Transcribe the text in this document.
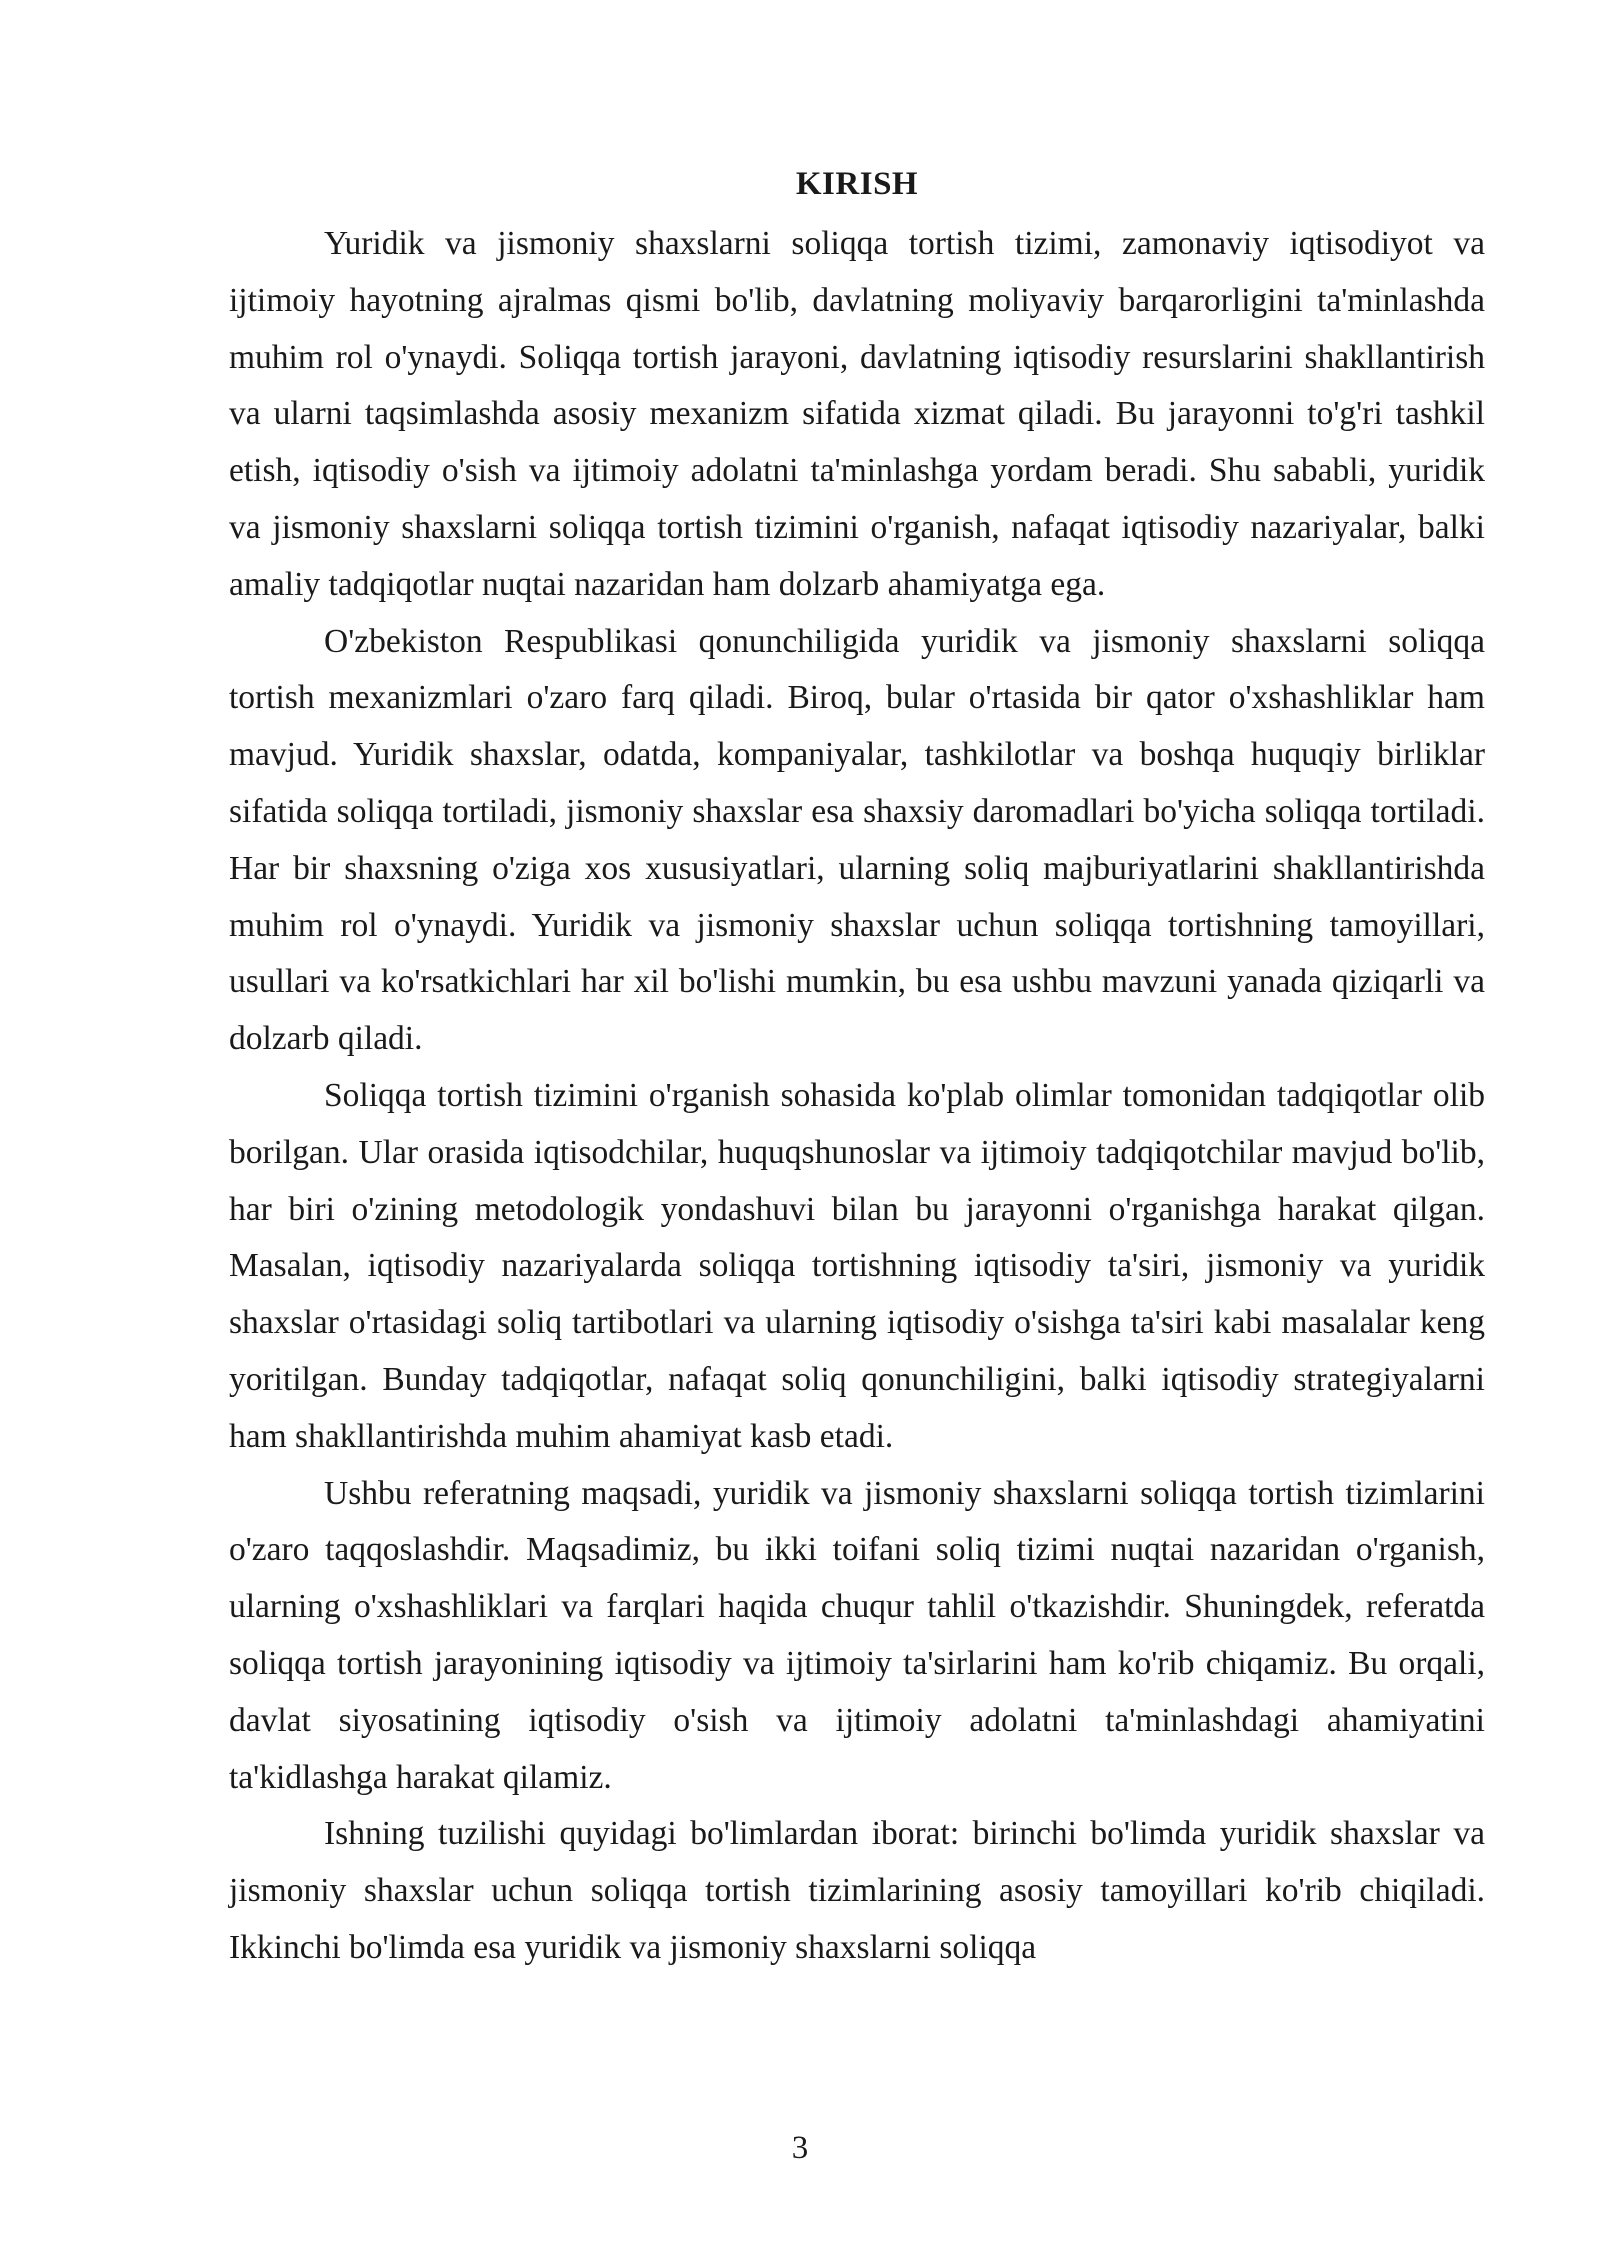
KIRISH

Yuridik va jismoniy shaxslarni soliqqa tortish tizimi, zamonaviy iqtisodiyot va ijtimoiy hayotning ajralmas qismi bo'lib, davlatning moliyaviy barqarorligini ta'minlashda muhim rol o'ynaydi. Soliqqa tortish jarayoni, davlatning iqtisodiy resurslarini shakllantirish va ularni taqsimlashda asosiy mexanizm sifatida xizmat qiladi. Bu jarayonni to'g'ri tashkil etish, iqtisodiy o'sish va ijtimoiy adolatni ta'minlashga yordam beradi. Shu sababli, yuridik va jismoniy shaxslarni soliqqa tortish tizimini o'rganish, nafaqat iqtisodiy nazariyalar, balki amaliy tadqiqotlar nuqtai nazaridan ham dolzarb ahamiyatga ega.

O'zbekiston Respublikasi qonunchiligida yuridik va jismoniy shaxslarni soliqqa tortish mexanizmlari o'zaro farq qiladi. Biroq, bular o'rtasida bir qator o'xshashliklar ham mavjud. Yuridik shaxslar, odatda, kompaniyalar, tashkilotlar va boshqa huquqiy birliklar sifatida soliqqa tortiladi, jismoniy shaxslar esa shaxsiy daromadlari bo'yicha soliqqa tortiladi. Har bir shaxsning o'ziga xos xususiyatlari, ularning soliq majburiyatlarini shakllantirishda muhim rol o'ynaydi. Yuridik va jismoniy shaxslar uchun soliqqa tortishning tamoyillari, usullari va ko'rsatkichlari har xil bo'lishi mumkin, bu esa ushbu mavzuni yanada qiziqarli va dolzarb qiladi.

Soliqqa tortish tizimini o'rganish sohasida ko'plab olimlar tomonidan tadqiqotlar olib borilgan. Ular orasida iqtisodchilar, huquqshunoslar va ijtimoiy tadqiqotchilar mavjud bo'lib, har biri o'zining metodologik yondashuvi bilan bu jarayonni o'rganishga harakat qilgan. Masalan, iqtisodiy nazariyalarda soliqqa tortishning iqtisodiy ta'siri, jismoniy va yuridik shaxslar o'rtasidagi soliq tartibotlari va ularning iqtisodiy o'sishga ta'siri kabi masalalar keng yoritilgan. Bunday tadqiqotlar, nafaqat soliq qonunchiligini, balki iqtisodiy strategiyalarni ham shakllantirishda muhim ahamiyat kasb etadi.

Ushbu referatning maqsadi, yuridik va jismoniy shaxslarni soliqqa tortish tizimlarini o'zaro taqqoslashdir. Maqsadimiz, bu ikki toifani soliq tizimi nuqtai nazaridan o'rganish, ularning o'xshashliklari va farqlari haqida chuqur tahlil o'tkazishdir. Shuningdek, referatda soliqqa tortish jarayonining iqtisodiy va ijtimoiy ta'sirlarini ham ko'rib chiqamiz. Bu orqali, davlat siyosatining iqtisodiy o'sish va ijtimoiy adolatni ta'minlashdagi ahamiyatini ta'kidlashga harakat qilamiz.

Ishning tuzilishi quyidagi bo'limlardan iborat: birinchi bo'limda yuridik shaxslar va jismoniy shaxslar uchun soliqqa tortish tizimlarining asosiy tamoyillari ko'rib chiqiladi. Ikkinchi bo'limda esa yuridik va jismoniy shaxslarni soliqqa

3
